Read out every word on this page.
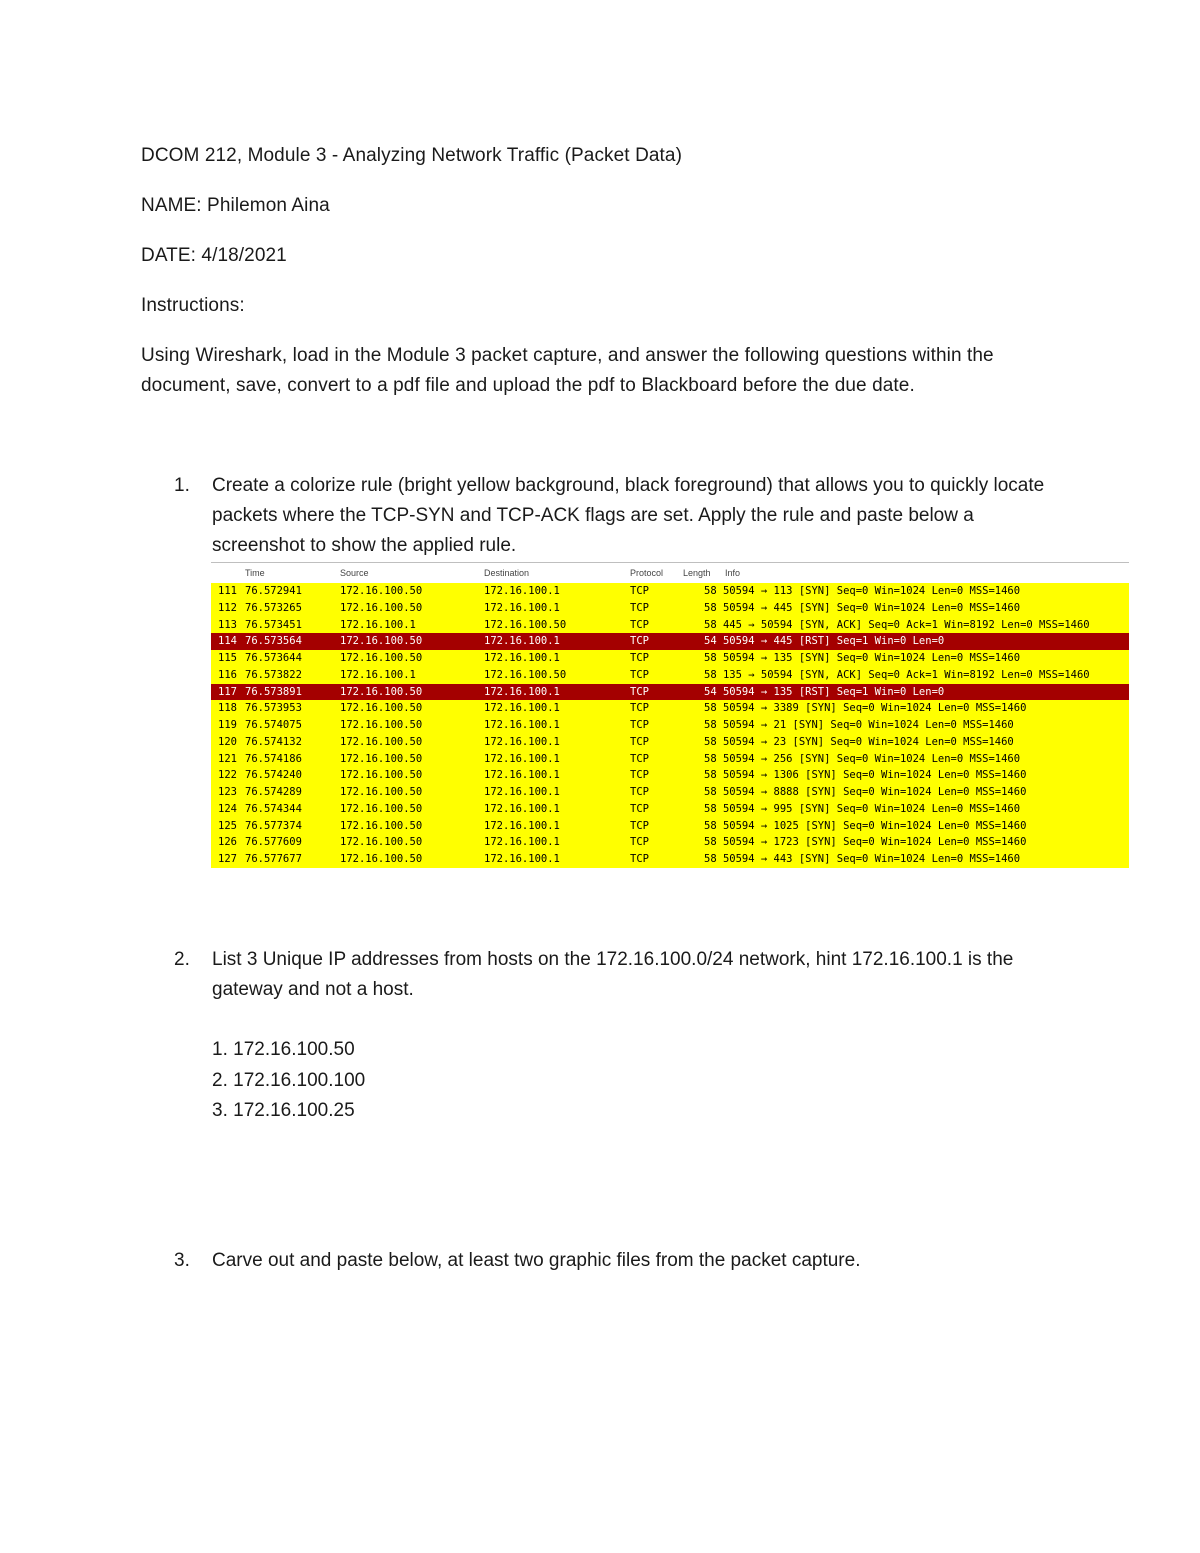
DCOM 212, Module 3 - Analyzing Network Traffic (Packet Data)
NAME: Philemon Aina
DATE: 4/18/2021
Instructions:
Using Wireshark, load in the Module 3 packet capture, and answer the following questions within the
document, save, convert to a pdf file and upload the pdf to Blackboard before the due date.
1.	Create a colorize rule (bright yellow background, black foreground) that allows you to quickly locate packets where the TCP-SYN and TCP-ACK flags are set. Apply the rule and paste below a screenshot to show the applied rule.
Time	Source	Destination	Protocol Length Info
111 76.572941	172.16.100.50	172.16.100.1	TCP	58 50594 → 113 [SYN] Seq=0 Win=1024 Len=0 MSS=1460
112 76.573265	172.16.100.50	172.16.100.1	TCP	58 50594 → 445 [SYN] Seq=0 Win=1024 Len=0 MSS=1460
113 76.573451	172.16.100.1	172.16.100.50	TCP	58 445 → 50594 [SYN, ACK] Seq=0 Ack=1 Win=8192 Len=0 MSS=1460
114 76.573564	172.16.100.50	172.16.100.1	TCP	54 50594 → 445 [RST] Seq=1 Win=0 Len=0
115 76.573644	172.16.100.50	172.16.100.1	TCP	58 50594 → 135 [SYN] Seq=0 Win=1024 Len=0 MSS=1460
116 76.573822	172.16.100.1	172.16.100.50	TCP	58 135 → 50594 [SYN, ACK] Seq=0 Ack=1 Win=8192 Len=0 MSS=1460
117 76.573891	172.16.100.50	172.16.100.1	TCP	54 50594 → 135 [RST] Seq=1 Win=0 Len=0
118 76.573953	172.16.100.50	172.16.100.1	TCP	58 50594 → 3389 [SYN] Seq=0 Win=1024 Len=0 MSS=1460
119 76.574075	172.16.100.50	172.16.100.1	TCP	58 50594 → 21 [SYN] Seq=0 Win=1024 Len=0 MSS=1460
120 76.574132	172.16.100.50	172.16.100.1	TCP	58 50594 → 23 [SYN] Seq=0 Win=1024 Len=0 MSS=1460
121 76.574186	172.16.100.50	172.16.100.1	TCP	58 50594 → 256 [SYN] Seq=0 Win=1024 Len=0 MSS=1460
122 76.574240	172.16.100.50	172.16.100.1	TCP	58 50594 → 1306 [SYN] Seq=0 Win=1024 Len=0 MSS=1460
123 76.574289	172.16.100.50	172.16.100.1	TCP	58 50594 → 8888 [SYN] Seq=0 Win=1024 Len=0 MSS=1460
124 76.574344	172.16.100.50	172.16.100.1	TCP	58 50594 → 995 [SYN] Seq=0 Win=1024 Len=0 MSS=1460
125 76.577374	172.16.100.50	172.16.100.1	TCP	58 50594 → 1025 [SYN] Seq=0 Win=1024 Len=0 MSS=1460
126 76.577609	172.16.100.50	172.16.100.1	TCP	58 50594 → 1723 [SYN] Seq=0 Win=1024 Len=0 MSS=1460
127 76.577677	172.16.100.50	172.16.100.1	TCP	58 50594 → 443 [SYN] Seq=0 Win=1024 Len=0 MSS=1460
2.	List 3 Unique IP addresses from hosts on the 172.16.100.0/24 network, hint 172.16.100.1 is the gateway and not a host.
1. 172.16.100.50
2. 172.16.100.100
3. 172.16.100.25
3.	Carve out and paste below, at least two graphic files from the packet capture.
